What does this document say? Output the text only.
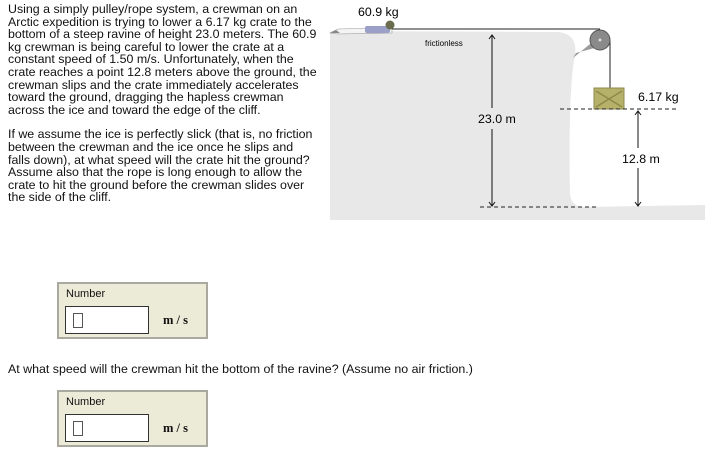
Using a simply pulley/rope system, a crewman on an Arctic expedition is trying to lower a 6.17 kg crate to the bottom of a steep ravine of height 23.0 meters. The 60.9 kg crewman is being careful to lower the crate at a constant speed of 1.50 m/s. Unfortunately, when the crate reaches a point 12.8 meters above the ground, the crewman slips and the crate immediately accelerates toward the ground, dragging the hapless crewman across the ice and toward the edge of the cliff.

If we assume the ice is perfectly slick (that is, no friction between the crewman and the ice once he slips and falls down), at what speed will the crate hit the ground? Assume also that the rope is long enough to allow the crate to hit the ground before the crewman slides over the side of the cliff.

60.9 kg
frictionless
6.17 kg
23.0 m
12.8 m
Number
m / s
At what speed will the crewman hit the bottom of the ravine? (Assume no air friction.)
Number
m / s
